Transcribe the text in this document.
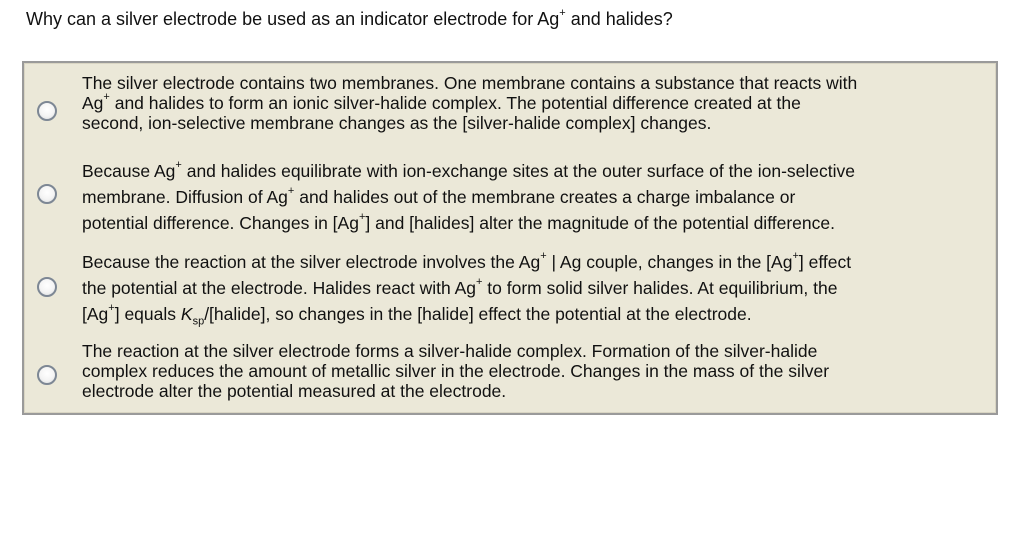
Why can a silver electrode be used as an indicator electrode for Ag+ and halides?
The silver electrode contains two membranes. One membrane contains a substance that reacts with
Ag+ and halides to form an ionic silver-halide complex. The potential difference created at the
second, ion-selective membrane changes as the [silver-halide complex] changes.
Because Ag+ and halides equilibrate with ion-exchange sites at the outer surface of the ion-selective
membrane. Diffusion of Ag+ and halides out of the membrane creates a charge imbalance or
potential difference. Changes in [Ag+] and [halides] alter the magnitude of the potential difference.
Because the reaction at the silver electrode involves the Ag+ | Ag couple, changes in the [Ag+] effect
the potential at the electrode. Halides react with Ag+ to form solid silver halides. At equilibrium, the
[Ag+] equals $K_{sp}/[halide]$, so changes in the [halide] effect the potential at the electrode.
The reaction at the silver electrode forms a silver-halide complex. Formation of the silver-halide
complex reduces the amount of metallic silver in the electrode. Changes in the mass of the silver
electrode alter the potential measured at the electrode.
